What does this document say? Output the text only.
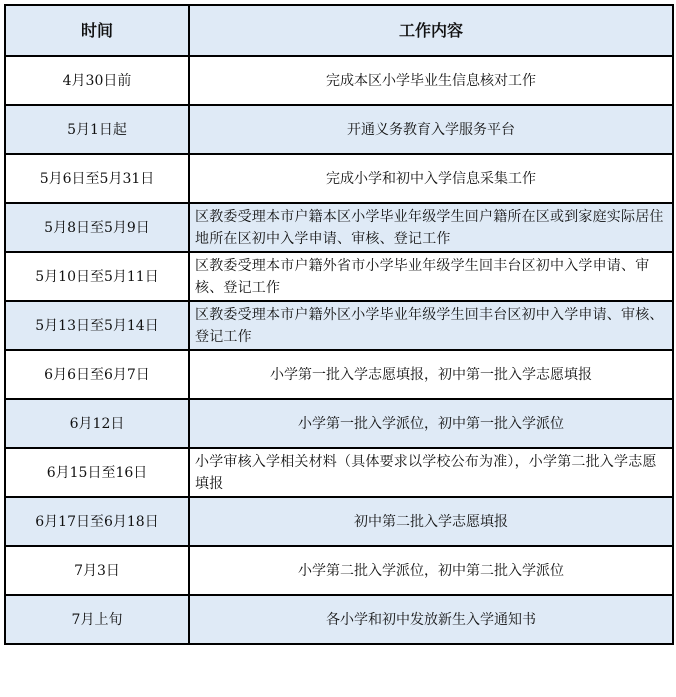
时间	工作内容
4月30日前	完成本区小学毕业生信息核对工作
5月1日起	开通义务教育入学服务平台
5月6日至5月31日	完成小学和初中入学信息采集工作
5月8日至5月9日	区教委受理本市户籍本区小学毕业年级学生回户籍所在区或到家庭实际居住地所在区初中入学申请、审核、登记工作
5月10日至5月11日	区教委受理本市户籍外省市小学毕业年级学生回丰台区初中入学申请、审核、登记工作
5月13日至5月14日	区教委受理本市户籍外区小学毕业年级学生回丰台区初中入学申请、审核、登记工作
6月6日至6月7日	小学第一批入学志愿填报，初中第一批入学志愿填报
6月12日	小学第一批入学派位，初中第一批入学派位
6月15日至16日	小学审核入学相关材料（具体要求以学校公布为准），小学第二批入学志愿填报
6月17日至6月18日	初中第二批入学志愿填报
7月3日	小学第二批入学派位，初中第二批入学派位
7月上旬	各小学和初中发放新生入学通知书
